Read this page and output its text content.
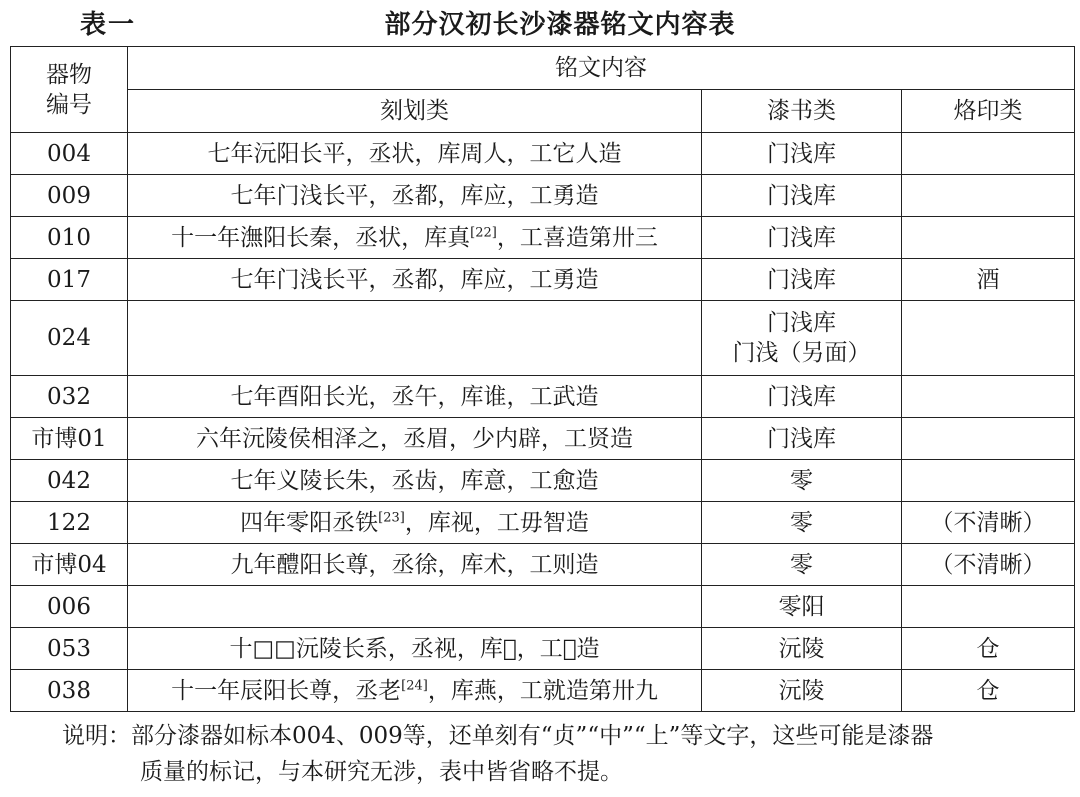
表一	部分汉初长沙漆器铭文内容表
器物
编号	铭文内容		
	刻划类	漆书类	烙印类
004	七年沅阳长平，丞状，库周人，工它人造	门浅库	
009	七年门浅长平，丞都，库应，工勇造	门浅库	
010	十一年潕阳长秦，丞状，库真[22]，工喜造第卅三	门浅库	
017	七年门浅长平，丞都，库应，工勇造	门浅库	酒
024		门浅库
门浅（另面）	

032	七年酉阳长光，丞午，库谁，工武造	门浅库	
市博01	六年沅陵侯相泽之，丞眉，少内辟，工贤造	门浅库	
042	七年义陵长朱，丞齿，库意，工愈造	零	
122	四年零阳丞铁[23]，库视，工毋智造	零	（不清晰）
市博04	九年醴阳长尊，丞徐，库术，工则造	零	（不清晰）
006		零阳	
053	十□□沅陵长系，丞视，库𢀳，工𣃼造	沅陵	仓
038	十一年辰阳长尊，丞老[24]，库燕，工就造第卅九	沅陵	仓
说明：部分漆器如标本004、009等，还单刻有“贞”“中”“上”等文字，这些可能是漆器
质量的标记，与本研究无涉，表中皆省略不提。
